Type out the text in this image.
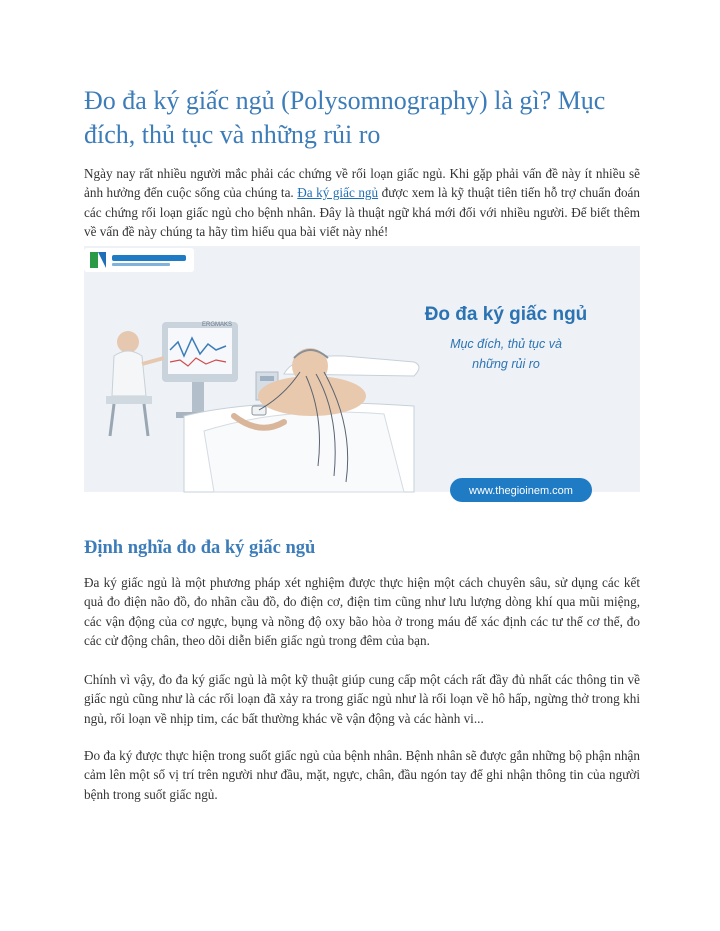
Đo đa ký giấc ngủ (Polysomnography) là gì? Mục đích, thủ tục và những rủi ro

Ngày nay rất nhiều người mắc phải các chứng về rối loạn giấc ngủ. Khi gặp phải vấn đề này ít nhiều sẽ ảnh hưởng đến cuộc sống của chúng ta. Đa ký giấc ngủ được xem là kỹ thuật tiên tiến hỗ trợ chuẩn đoán các chứng rối loạn giấc ngủ cho bệnh nhân. Đây là thuật ngữ khá mới đối với nhiều người. Để biết thêm về vấn đề này chúng ta hãy tìm hiểu qua bài viết này nhé!

ERGMAKS	Đo đa ký giấc ngủ
Mục đích, thủ tục và
những rủi ro
www.thegioinem.com
Định nghĩa đo đa ký giấc ngủ

Đa ký giấc ngủ là một phương pháp xét nghiệm được thực hiện một cách chuyên sâu, sử dụng các kết quả đo điện não đồ, đo nhãn cầu đồ, đo điện cơ, điện tim cũng như lưu lượng dòng khí qua mũi miệng, các vận động của cơ ngực, bụng và nồng độ oxy bão hòa ở trong máu để xác định các tư thế cơ thể, đo các cử động chân, theo dõi diễn biến giấc ngủ trong đêm của bạn.

Chính vì vậy, đo đa ký giấc ngủ là một kỹ thuật giúp cung cấp một cách rất đầy đủ nhất các thông tin về giấc ngủ cũng như là các rối loạn đã xảy ra trong giấc ngủ như là rối loạn về hô hấp, ngừng thở trong khi ngủ, rối loạn về nhịp tim, các bất thường khác về vận động và các hành vi...

Đo đa ký được thực hiện trong suốt giấc ngủ của bệnh nhân. Bệnh nhân sẽ được gắn những bộ phận nhận cảm lên một số vị trí trên người như đầu, mặt, ngực, chân, đầu ngón tay để ghi nhận thông tin của người bệnh trong suốt giấc ngủ.
